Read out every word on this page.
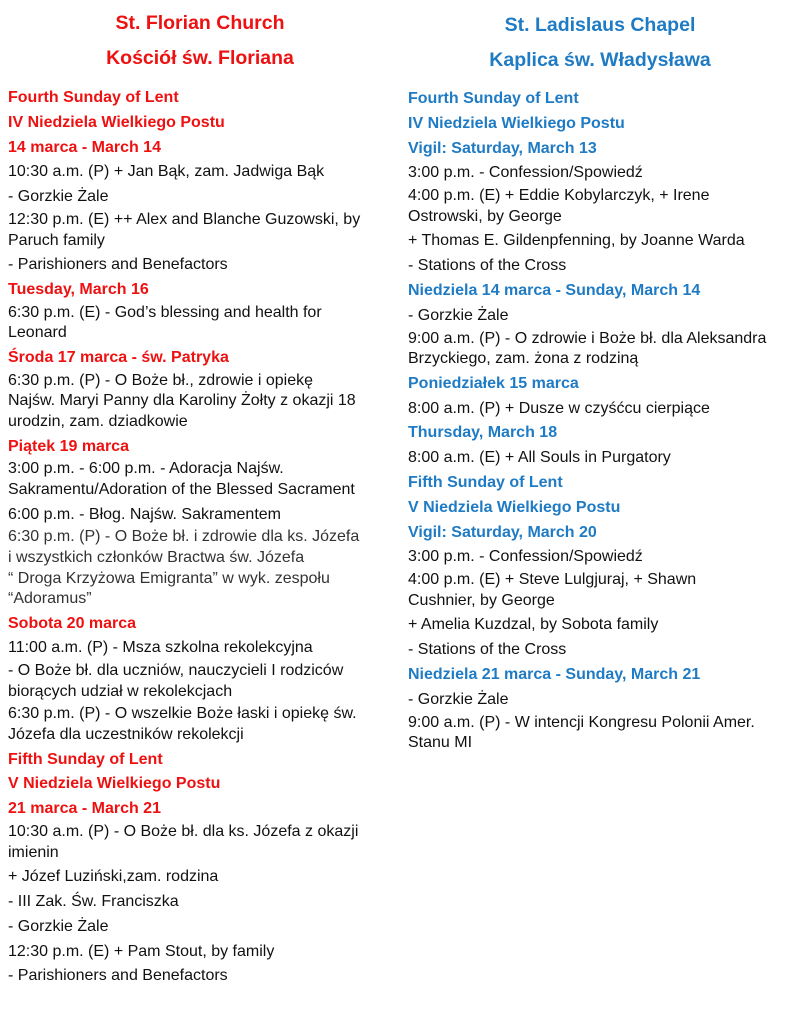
St. Florian Church
Kościół św. Floriana
Fourth Sunday of Lent
IV Niedziela Wielkiego Postu
14 marca - March 14
10:30 a.m. (P) + Jan Bąk, zam. Jadwiga Bąk
- Gorzkie Żale
12:30 p.m. (E) ++ Alex and Blanche Guzowski, by
Paruch family
- Parishioners and Benefactors
Tuesday, March 16
6:30 p.m. (E) - God’s blessing and health for
Leonard
Środa 17 marca - św. Patryka
6:30 p.m. (P) - O Boże bł., zdrowie i opiekę
Najśw. Maryi Panny dla Karoliny Żołty z okazji 18
urodzin, zam. dziadkowie
Piątek 19 marca
3:00 p.m. - 6:00 p.m. - Adoracja Najśw.
Sakramentu/Adoration of the Blessed Sacrament
6:00 p.m. - Błog. Najśw. Sakramentem
6:30 p.m. (P) - O Boże bł. i zdrowie dla ks. Józefa
i wszystkich członków Bractwa św. Józefa
“ Droga Krzyżowa Emigranta” w wyk. zespołu
“Adoramus”
Sobota 20 marca
11:00 a.m. (P) - Msza szkolna rekolekcyjna
- O Boże bł. dla uczniów, nauczycieli I rodziców
biorących udział w rekolekcjach
6:30 p.m. (P) - O wszelkie Boże łaski i opiekę św.
Józefa dla uczestników rekolekcji
Fifth Sunday of Lent
V Niedziela Wielkiego Postu
21 marca - March 21
10:30 a.m. (P) - O Boże bł. dla ks. Józefa z okazji
imienin
+ Józef Luziński,zam. rodzina
- III Zak. Św. Franciszka
- Gorzkie Żale
12:30 p.m. (E) + Pam Stout, by family
- Parishioners and Benefactors
St. Ladislaus Chapel
Kaplica św. Władysława
Fourth Sunday of Lent
IV Niedziela Wielkiego Postu
Vigil: Saturday, March 13
3:00 p.m. - Confession/Spowiedź
4:00 p.m. (E) + Eddie Kobylarczyk, + Irene
Ostrowski, by George
+ Thomas E. Gildenpfenning, by Joanne Warda
- Stations of the Cross
Niedziela 14 marca - Sunday, March 14
- Gorzkie Żale
9:00 a.m. (P) - O zdrowie i Boże bł. dla Aleksandra
Brzyckiego, zam. żona z rodziną
Poniedziałek 15 marca
8:00 a.m. (P) + Dusze w czyśćcu cierpiące
Thursday, March 18
8:00 a.m. (E) + All Souls in Purgatory
Fifth Sunday of Lent
V Niedziela Wielkiego Postu
Vigil: Saturday, March 20
3:00 p.m. - Confession/Spowiedź
4:00 p.m. (E) + Steve Lulgjuraj, + Shawn
Cushnier, by George
+ Amelia Kuzdzal, by Sobota family
- Stations of the Cross
Niedziela 21 marca - Sunday, March 21
- Gorzkie Żale
9:00 a.m. (P) - W intencji Kongresu Polonii Amer.
Stanu MI
